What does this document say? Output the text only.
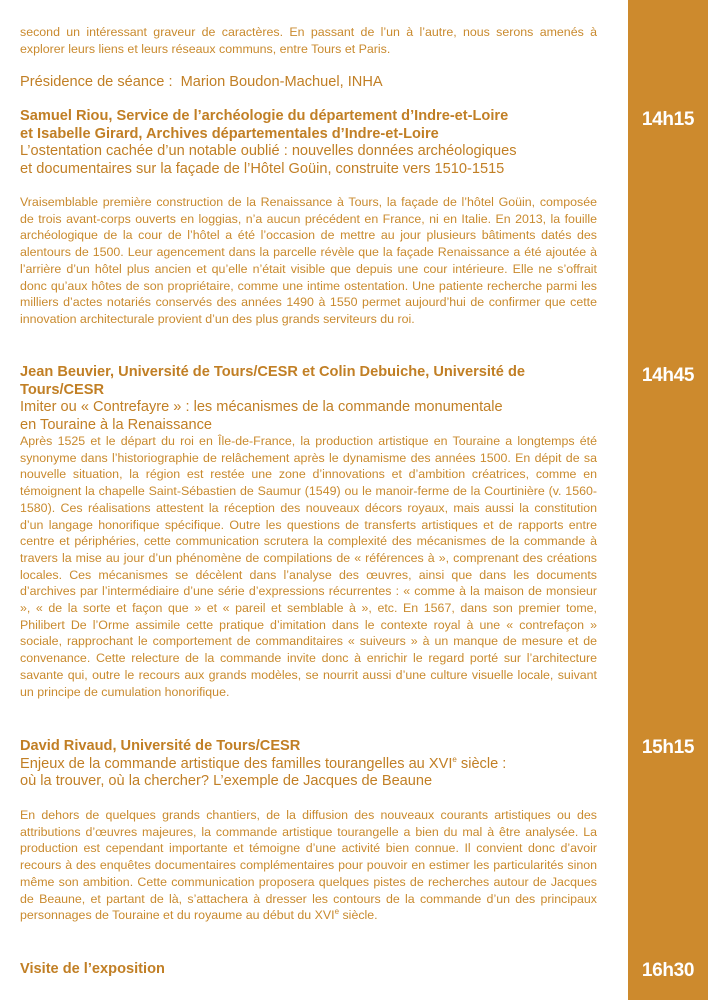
14h15
14h45
15h15
16h30

second un intéressant graveur de caractères. En passant de l’un à l’autre, nous serons amenés à explorer leurs liens et leurs réseaux communs, entre Tours et Paris.

Présidence de séance : Marion Boudon-Machuel, INHA
Samuel Riou, Service de l’archéologie du département d’Indre-et-Loire
et Isabelle Girard, Archives départementales d’Indre-et-Loire
L’ostentation cachée d’un notable oublié : nouvelles données archéologiques
et documentaires sur la façade de l’Hôtel Goüin, construite vers 1510-1515

Vraisemblable première construction de la Renaissance à Tours, la façade de l’hôtel Goüin, composée de trois avant-corps ouverts en loggias, n’a aucun précédent en France, ni en Italie. En 2013, la fouille archéologique de la cour de l’hôtel a été l’occasion de mettre au jour plusieurs bâtiments datés des alentours de 1500. Leur agencement dans la parcelle révèle que la façade Renaissance a été ajoutée à l’arrière d’un hôtel plus ancien et qu’elle n’était visible que depuis une cour intérieure. Elle ne s’offrait donc qu’aux hôtes de son propriétaire, comme une intime ostentation. Une patiente recherche parmi les milliers d’actes notariés conservés des années 1490 à 1550 permet aujourd’hui de confirmer que cette innovation architecturale provient d’un des plus grands serviteurs du roi.

Jean Beuvier, Université de Tours/CESR et Colin Debuiche, Université de Tours/CESR
Imiter ou « Contrefayre » : les mécanismes de la commande monumentale
en Touraine à la Renaissance

Après 1525 et le départ du roi en Île-de-France, la production artistique en Touraine a longtemps été synonyme dans l’historiographie de relâchement après le dynamisme des années 1500. En dépit de sa nouvelle situation, la région est restée une zone d’innovations et d’ambition créatrices, comme en témoignent la chapelle Saint-Sébastien de Saumur (1549) ou le manoir-ferme de la Courtinière (v. 1560-1580). Ces réalisations attestent la réception des nouveaux décors royaux, mais aussi la constitution d’un langage honorifique spécifique. Outre les questions de transferts artistiques et de rapports entre centre et périphéries, cette communication scrutera la complexité des mécanismes de la commande à travers la mise au jour d’un phénomène de compilations de « références à », comprenant des créations locales. Ces mécanismes se décèlent dans l’analyse des œuvres, ainsi que dans les documents d’archives par l’intermédiaire d’une série d’expressions récurrentes : « comme à la maison de monsieur », « de la sorte et façon que » et « pareil et semblable à », etc. En 1567, dans son premier tome, Philibert De l’Orme assimile cette pratique d’imitation dans le contexte royal à une « contrefaçon » sociale, rapprochant le comportement de commanditaires « suiveurs » à un manque de mesure et de convenance. Cette relecture de la commande invite donc à enrichir le regard porté sur l’architecture savante qui, outre le recours aux grands modèles, se nourrit aussi d’une culture visuelle locale, suivant un principe de cumulation honorifique.

David Rivaud, Université de Tours/CESR
Enjeux de la commande artistique des familles tourangelles au XVIe siècle :
où la trouver, où la chercher? L’exemple de Jacques de Beaune

En dehors de quelques grands chantiers, de la diffusion des nouveaux courants artistiques ou des attributions d’œuvres majeures, la commande artistique tourangelle a bien du mal à être analysée. La production est cependant importante et témoigne d’une activité bien connue. Il convient donc d’avoir recours à des enquêtes documentaires complémentaires pour pouvoir en estimer les particularités sinon même son ambition. Cette communication proposera quelques pistes de recherches autour de Jacques de Beaune, et partant de là, s’attachera à dresser les contours de la commande d’un des principaux personnages de Touraine et du royaume au début du XVIe siècle.

Visite de l’exposition
